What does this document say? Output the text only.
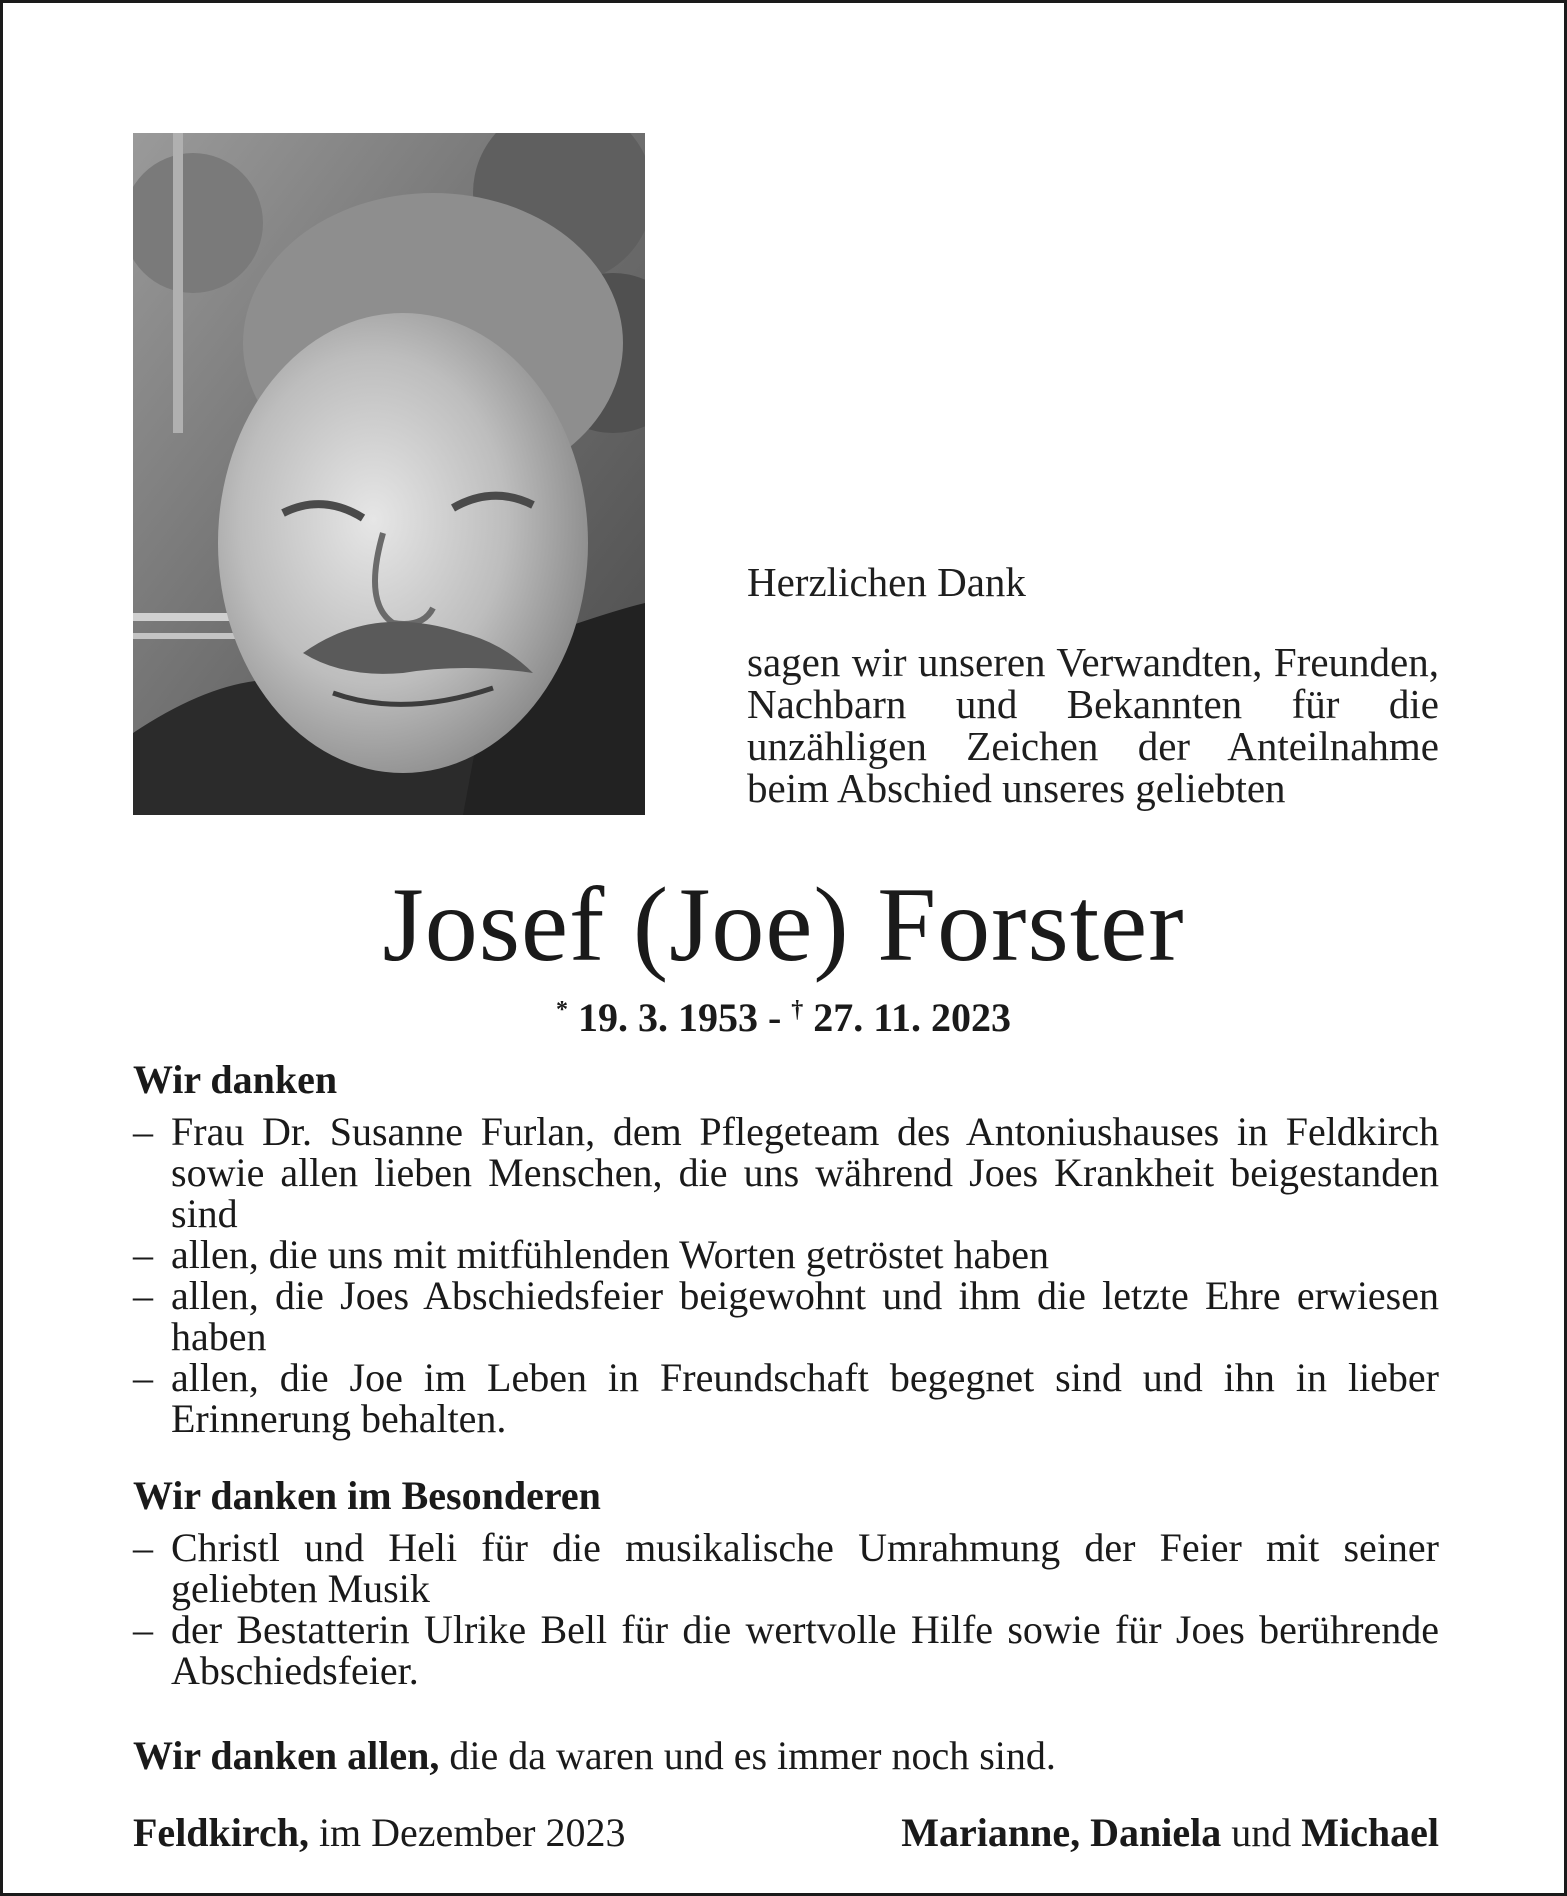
Herzlichen Dank
sagen wir unseren Verwandten, Freunden, Nachbarn und Bekannten für die unzähligen Zeichen der Anteilnahme beim Abschied unseres geliebten
Josef (Joe) Forster
* 19. 3. 1953 - † 27. 11. 2023
Wir danken
– Frau Dr. Susanne Furlan, dem Pflegeteam des Antoniushauses in Feldkirch sowie allen lieben Menschen, die uns während Joes Krankheit beigestanden sind
– allen, die uns mit mitfühlenden Worten getröstet haben
– allen, die Joes Abschiedsfeier beigewohnt und ihm die letzte Ehre erwiesen haben
– allen, die Joe im Leben in Freundschaft begegnet sind und ihn in lieber Erinnerung behalten.
Wir danken im Besonderen
– Christl und Heli für die musikalische Umrahmung der Feier mit seiner geliebten Musik
– der Bestatterin Ulrike Bell für die wertvolle Hilfe sowie für Joes berührende Abschiedsfeier.
Wir danken allen, die da waren und es immer noch sind.
Feldkirch, im Dezember 2023	Marianne, Daniela und Michael
